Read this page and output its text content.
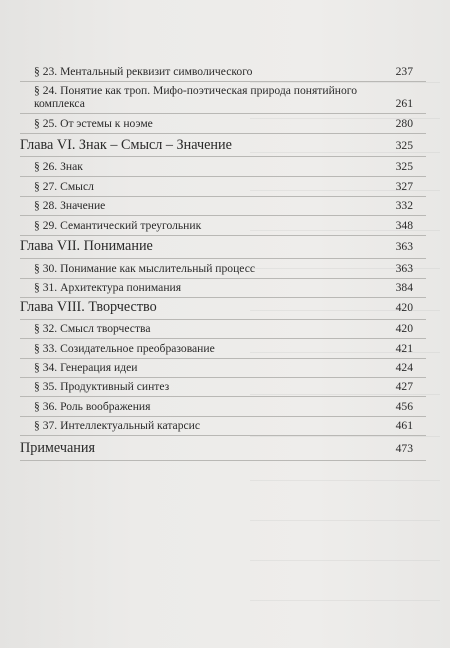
§ 23. Ментальный реквизит символического	237
§ 24. Понятие как троп. Мифо-поэтическая природа понятийного комплекса	261
§ 25. От эстемы к ноэме	280
Глава VI. Знак – Смысл – Значение	325
§ 26. Знак	325
§ 27. Смысл	327
§ 28. Значение	332
§ 29. Семантический треугольник	348
Глава VII. Понимание	363
§ 30. Понимание как мыслительный процесс	363
§ 31. Архитектура понимания	384
Глава VIII. Творчество	420
§ 32. Смысл творчества	420
§ 33. Созидательное преобразование	421
§ 34. Генерация идеи	424
§ 35. Продуктивный синтез	427
§ 36. Роль воображения	456
§ 37. Интеллектуальный катарсис	461
Примечания	473
